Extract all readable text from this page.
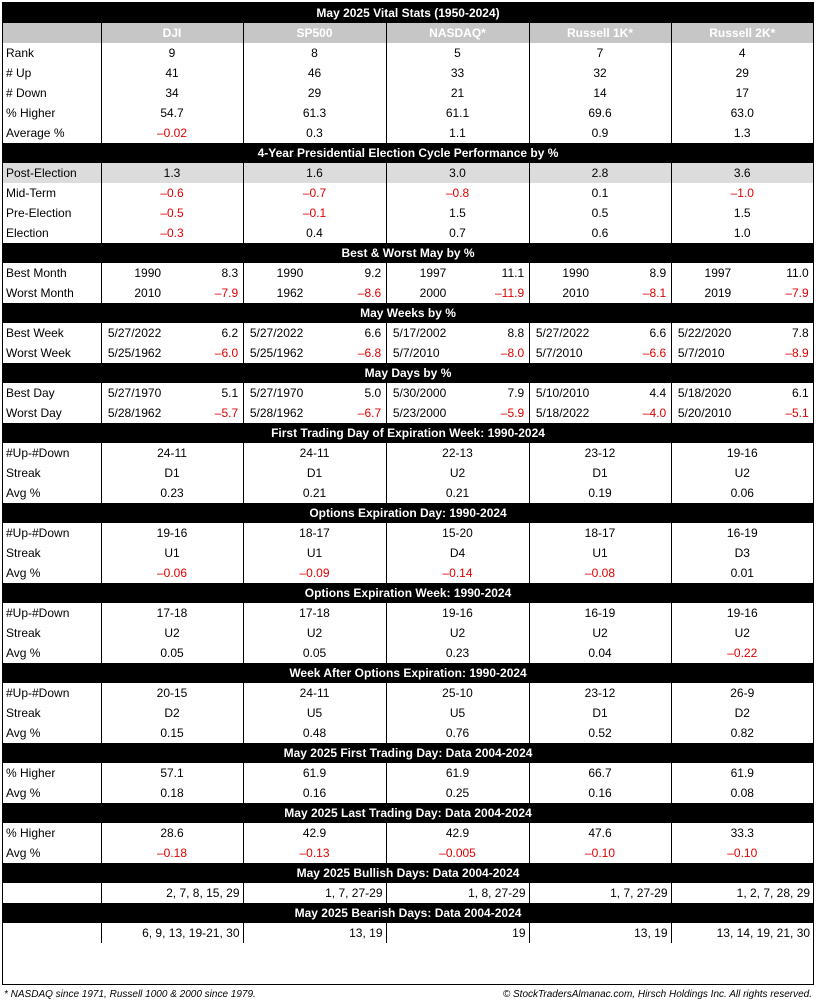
May 2025 Vital Stats (1950-2024)					
	DJI	SP500	NASDAQ*	Russell 1K*	Russell 2K*
Rank	9	8	5	7	4
# Up	41	46	33	32	29
# Down	34	29	21	14	17
% Higher	54.7	61.3	61.1	69.6	63.0
Average %	–0.02	0.3	1.1	0.9	1.3
4-Year Presidential Election Cycle Performance by %					
Post-Election	1.3	1.6	3.0	2.8	3.6
Mid-Term	–0.6	–0.7	–0.8	0.1	–1.0
Pre-Election	–0.5	–0.1	1.5	0.5	1.5
Election	–0.3	0.4	0.7	0.6	1.0
Best & Worst May by %					
Best Month	1990 8.3	1990 9.2	1997 11.1	1990 8.9	1997 11.0
Worst Month	2010 –7.9	1962 –8.6	2000 –11.9	2010 –8.1	2019 –7.9
May Weeks by %					
Best Week	5/27/2022 6.2	5/27/2022 6.6	5/17/2002 8.8	5/27/2022 6.6	5/22/2020 7.8
Worst Week	5/25/1962 –6.0	5/25/1962 –6.8	5/7/2010 –8.0	5/7/2010 –6.6	5/7/2010 –8.9
May Days by %					
Best Day	5/27/1970 5.1	5/27/1970 5.0	5/30/2000 7.9	5/10/2010 4.4	5/18/2020 6.1
Worst Day	5/28/1962 –5.7	5/28/1962 –6.7	5/23/2000 –5.9	5/18/2022 –4.0	5/20/2010 –5.1
First Trading Day of Expiration Week: 1990-2024					
#Up-#Down	24-11	24-11	22-13	23-12	19-16
Streak	D1	D1	U2	D1	U2
Avg %	0.23	0.21	0.21	0.19	0.06
Options Expiration Day: 1990-2024					
#Up-#Down	19-16	18-17	15-20	18-17	16-19
Streak	U1	U1	D4	U1	D3
Avg %	–0.06	–0.09	–0.14	–0.08	0.01
Options Expiration Week: 1990-2024					
#Up-#Down	17-18	17-18	19-16	16-19	19-16
Streak	U2	U2	U2	U2	U2
Avg %	0.05	0.05	0.23	0.04	–0.22
Week After Options Expiration: 1990-2024					
#Up-#Down	20-15	24-11	25-10	23-12	26-9
Streak	D2	U5	U5	D1	D2
Avg %	0.15	0.48	0.76	0.52	0.82
May 2025 First Trading Day: Data 2004-2024					
% Higher	57.1	61.9	61.9	66.7	61.9
Avg %	0.18	0.16	0.25	0.16	0.08
May 2025 Last Trading Day: Data 2004-2024					
% Higher	28.6	42.9	42.9	47.6	33.3
Avg %	–0.18	–0.13	–0.005	–0.10	–0.10
May 2025 Bullish Days: Data 2004-2024					
	2, 7, 8, 15, 29	1, 7, 27-29	1, 8, 27-29	1, 7, 27-29	1, 2, 7, 28, 29
May 2025 Bearish Days: Data 2004-2024					
	6, 9, 13, 19-21, 30	13, 19	19	13, 19	13, 14, 19, 21, 30
* NASDAQ since 1971, Russell 1000 & 2000 since 1979.	© StockTradersAlmanac.com, Hirsch Holdings Inc. All rights reserved.
